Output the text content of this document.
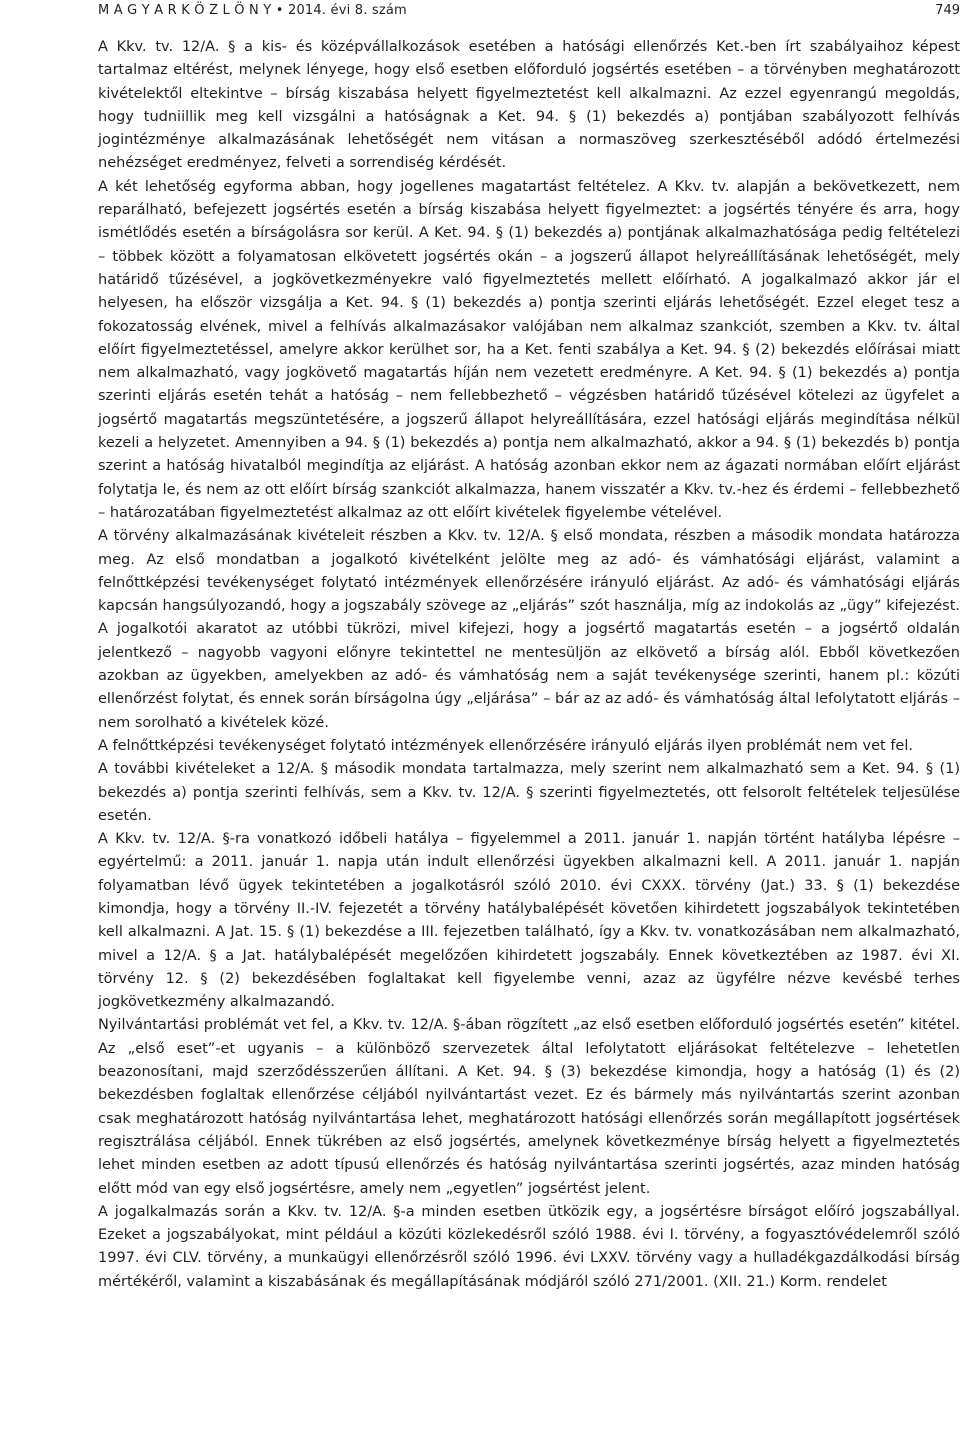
M A G Y A R K Ö Z L Ö N Y • 2014. évi 8. szám	749

A Kkv. tv. 12/A. § a kis- és középvállalkozások esetében a hatósági ellenőrzés Ket.-ben írt szabályaihoz képest tartalmaz eltérést, melynek lényege, hogy első esetben előforduló jogsértés esetében – a törvényben meghatározott kivételektől eltekintve – bírság kiszabása helyett figyelmeztetést kell alkalmazni. Az ezzel egyenrangú megoldás, hogy tudniillik meg kell vizsgálni a hatóságnak a Ket. 94. § (1) bekezdés a) pontjában szabályozott felhívás jogintézménye alkalmazásának lehetőségét nem vitásan a normaszöveg szerkesztéséből adódó értelmezési nehézséget eredményez, felveti a sorrendiség kérdését.

A két lehetőség egyforma abban, hogy jogellenes magatartást feltételez. A Kkv. tv. alapján a bekövetkezett, nem reparálható, befejezett jogsértés esetén a bírság kiszabása helyett figyelmeztet: a jogsértés tényére és arra, hogy ismétlődés esetén a bírságolásra sor kerül. A Ket. 94. § (1) bekezdés a) pontjának alkalmazhatósága pedig feltételezi – többek között a folyamatosan elkövetett jogsértés okán – a jogszerű állapot helyreállításának lehetőségét, mely határidő tűzésével, a jogkövetkezményekre való figyelmeztetés mellett előírható. A jogalkalmazó akkor jár el helyesen, ha először vizsgálja a Ket. 94. § (1) bekezdés a) pontja szerinti eljárás lehetőségét. Ezzel eleget tesz a fokozatosság elvének, mivel a felhívás alkalmazásakor valójában nem alkalmaz szankciót, szemben a Kkv. tv. által előírt figyelmeztetéssel, amelyre akkor kerülhet sor, ha a Ket. fenti szabálya a Ket. 94. § (2) bekezdés előírásai miatt nem alkalmazható, vagy jogkövető magatartás híján nem vezetett eredményre. A Ket. 94. § (1) bekezdés a) pontja szerinti eljárás esetén tehát a hatóság – nem fellebbezhető – végzésben határidő tűzésével kötelezi az ügyfelet a jogsértő magatartás megszüntetésére, a jogszerű állapot helyreállítására, ezzel hatósági eljárás megindítása nélkül kezeli a helyzetet. Amennyiben a 94. § (1) bekezdés a) pontja nem alkalmazható, akkor a 94. § (1) bekezdés b) pontja szerint a hatóság hivatalból megindítja az eljárást. A hatóság azonban ekkor nem az ágazati normában előírt eljárást folytatja le, és nem az ott előírt bírság szankciót alkalmazza, hanem visszatér a Kkv. tv.-hez és érdemi – fellebbezhető – határozatában figyelmeztetést alkalmaz az ott előírt kivételek figyelembe vételével.

A törvény alkalmazásának kivételeit részben a Kkv. tv. 12/A. § első mondata, részben a második mondata határozza meg. Az első mondatban a jogalkotó kivételként jelölte meg az adó- és vámhatósági eljárást, valamint a felnőttképzési tevékenységet folytató intézmények ellenőrzésére irányuló eljárást. Az adó- és vámhatósági eljárás kapcsán hangsúlyozandó, hogy a jogszabály szövege az „eljárás” szót használja, míg az indokolás az „ügy” kifejezést. A jogalkotói akaratot az utóbbi tükrözi, mivel kifejezi, hogy a jogsértő magatartás esetén – a jogsértő oldalán jelentkező – nagyobb vagyoni előnyre tekintettel ne mentesüljön az elkövető a bírság alól. Ebből következően azokban az ügyekben, amelyekben az adó- és vámhatóság nem a saját tevékenysége szerinti, hanem pl.: közúti ellenőrzést folytat, és ennek során bírságolna úgy „eljárása” – bár az az adó- és vámhatóság által lefolytatott eljárás – nem sorolható a kivételek közé.

A felnőttképzési tevékenységet folytató intézmények ellenőrzésére irányuló eljárás ilyen problémát nem vet fel.

A további kivételeket a 12/A. § második mondata tartalmazza, mely szerint nem alkalmazható sem a Ket. 94. § (1) bekezdés a) pontja szerinti felhívás, sem a Kkv. tv. 12/A. § szerinti figyelmeztetés, ott felsorolt feltételek teljesülése esetén.

A Kkv. tv. 12/A. §-ra vonatkozó időbeli hatálya – figyelemmel a 2011. január 1. napján történt hatályba lépésre – egyértelmű: a 2011. január 1. napja után indult ellenőrzési ügyekben alkalmazni kell. A 2011. január 1. napján folyamatban lévő ügyek tekintetében a jogalkotásról szóló 2010. évi CXXX. törvény (Jat.) 33. § (1) bekezdése kimondja, hogy a törvény II.-IV. fejezetét a törvény hatálybalépését követően kihirdetett jogszabályok tekintetében kell alkalmazni. A Jat. 15. § (1) bekezdése a III. fejezetben található, így a Kkv. tv. vonatkozásában nem alkalmazható, mivel a 12/A. § a Jat. hatálybalépését megelőzően kihirdetett jogszabály. Ennek következtében az 1987. évi XI. törvény 12. § (2) bekezdésében foglaltakat kell figyelembe venni, azaz az ügyfélre nézve kevésbé terhes jogkövetkezmény alkalmazandó.

Nyilvántartási problémát vet fel, a Kkv. tv. 12/A. §-ában rögzített „az első esetben előforduló jogsértés esetén” kitétel. Az „első eset”-et ugyanis – a különböző szervezetek által lefolytatott eljárásokat feltételezve – lehetetlen beazonosítani, majd szerződésszerűen állítani. A Ket. 94. § (3) bekezdése kimondja, hogy a hatóság (1) és (2) bekezdésben foglaltak ellenőrzése céljából nyilvántartást vezet. Ez és bármely más nyilvántartás szerint azonban csak meghatározott hatóság nyilvántartása lehet, meghatározott hatósági ellenőrzés során megállapított jogsértések regisztrálása céljából. Ennek tükrében az első jogsértés, amelynek következménye bírság helyett a figyelmeztetés lehet minden esetben az adott típusú ellenőrzés és hatóság nyilvántartása szerinti jogsértés, azaz minden hatóság előtt mód van egy első jogsértésre, amely nem „egyetlen” jogsértést jelent.

A jogalkalmazás során a Kkv. tv. 12/A. §-a minden esetben ütközik egy, a jogsértésre bírságot előíró jogszabállyal. Ezeket a jogszabályokat, mint például a közúti közlekedésről szóló 1988. évi I. törvény, a fogyasztóvédelemről szóló 1997. évi CLV. törvény, a munkaügyi ellenőrzésről szóló 1996. évi LXXV. törvény vagy a hulladékgazdálkodási bírság mértékéről, valamint a kiszabásának és megállapításának módjáról szóló 271/2001. (XII. 21.) Korm. rendelet
